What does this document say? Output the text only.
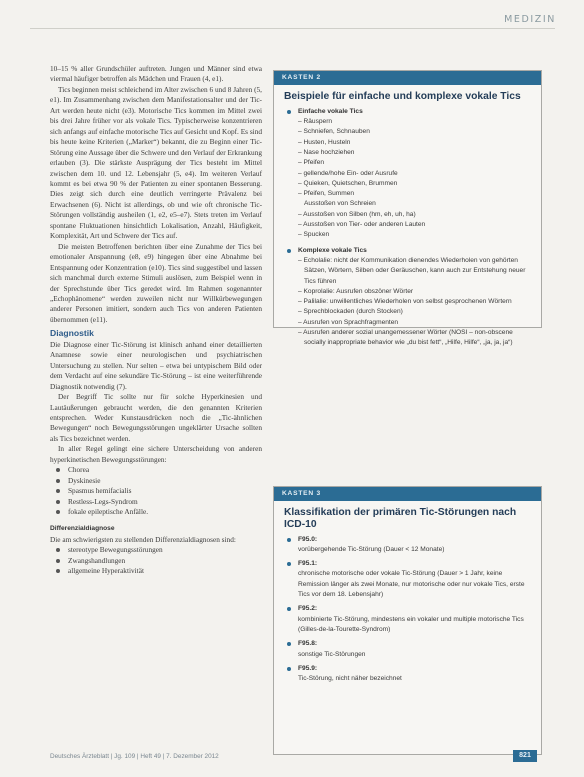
MEDIZIN

10–15 % aller Grundschüler auftreten. Jungen und Männer sind etwa viermal häufiger betroffen als Mädchen und Frauen (4, e1).

Tics beginnen meist schleichend im Alter zwischen 6 und 8 Jahren (5, e1). Im Zusammenhang zwischen dem Manifestationsalter und der Tic-Art werden heute nicht (e3). Motorische Tics kommen im Mittel zwei bis drei Jahre früher vor als vokale Tics. Typischerweise konzentrieren sich anfangs auf einfache motorische Tics auf Gesicht und Kopf. Es sind bis heute keine Kriterien („Marker“) bekannt, die zu Beginn einer Tic-Störung eine Aussage über die Schwere und den Verlauf der Erkrankung erlauben (3). Die stärkste Ausprägung der Tics besteht im Mittel zwischen dem 10. und 12. Lebensjahr (5, e4). Im weiteren Verlauf kommt es bei etwa 90 % der Patienten zu einer spontanen Besserung. Dies zeigt sich durch eine deutlich verringerte Prävalenz bei Erwachsenen (6). Nicht ist allerdings, ob und wie oft chronische Tic-Störungen vollständig ausheilen (1, e2, e5–e7). Stets treten im Verlauf spontane Fluktuationen hinsichtlich Lokalisation, Anzahl, Häufigkeit, Komplexität, Art und Schwere der Tics auf.

Die meisten Betroffenen berichten über eine Zunahme der Tics bei emotionaler Anspannung (e8, e9) hingegen über eine Abnahme bei Entspannung oder Konzentration (e10). Tics sind suggestibel und lassen sich manchmal durch externe Stimuli auslösen, zum Beispiel wenn in der Sprechstunde über Tics geredet wird. Im Rahmen sogenannter „Echophänomene“ werden zuweilen nicht nur Willkürbewegungen anderer Personen imitiert, sondern auch Tics von anderen Patienten übernommen (e11).

Diagnostik

Die Diagnose einer Tic-Störung ist klinisch anhand einer detaillierten Anamnese sowie einer neurologischen und psychiatrischen Untersuchung zu stellen. Nur selten – etwa bei untypischem Bild oder dem Verdacht auf eine sekundäre Tic-Störung – ist eine weiterführende Diagnostik notwendig (7).

Der Begriff Tic sollte nur für solche Hyperkinesien und Lautäußerungen gebraucht werden, die den genannten Kriterien entsprechen. Weder Kunstausdrücken noch die „Tic-ähnlichen Bewegungen“ noch Bewegungsstörungen ungeklärter Ursache sollten als Tics bezeichnet werden.

In aller Regel gelingt eine sichere Unterscheidung von anderen hyperkinetischen Bewegungsstörungen:

Chorea
Dyskinesie
Spasmus hemifacialis
Restless-Legs-Syndrom
fokale epileptische Anfälle.
Differenzialdiagnose

Die am schwierigsten zu stellenden Differenzialdiagnosen sind:

stereotype Bewegungsstörungen
Zwangshandlungen
allgemeine Hyperaktivität
KASTEN 2
Beispiele für einfache und komplexe vokale Tics
Einfache vokale Tics
– Räuspern
– Schniefen, Schnauben
– Husten, Husteln
– Nase hochziehen
– Pfeifen
– gellende/hohe Ein- oder Ausrufe
– Quieken, Quietschen, Brummen
– Pfeifen, Summen
Ausstoßen von Schreien
– Ausstoßen von Silben (hm, eh, uh, ha)
– Ausstoßen von Tier- oder anderen Lauten
– Spucken
Komplexe vokale Tics
– Echolalie: nicht der Kommunikation dienendes Wiederholen von gehörten Sätzen, Wörtern, Silben oder Geräuschen, kann auch zur Entstehung neuer Tics führen
– Koprolalie: Ausrufen obszöner Wörter
– Palilalie: unwillentliches Wiederholen von selbst gesprochenen Wörtern
– Sprechblockaden (durch Stocken)
– Ausrufen von Sprachfragmenten
– Ausrufen anderer sozial unangemessener Wörter (NOSI – non-obscene socially inappropriate behavior wie „du bist fett“, „Hilfe, Hilfe“, „ja, ja, ja“)
KASTEN 3
Klassifikation der primären Tic-Störungen nach ICD-10
F95.0:
vorübergehende Tic-Störung (Dauer < 12 Monate)
F95.1:
chronische motorische oder vokale Tic-Störung (Dauer > 1 Jahr, keine Remission länger als zwei Monate, nur motorische oder nur vokale Tics, erste Tics vor dem 18. Lebensjahr)
F95.2:
kombinierte Tic-Störung, mindestens ein vokaler und multiple motorische Tics (Gilles-de-la-Tourette-Syndrom)
F95.8:
sonstige Tic-Störungen
F95.9:
Tic-Störung, nicht näher bezeichnet
Deutsches Ärzteblatt | Jg. 109 | Heft 49 | 7. Dezember 2012	821
